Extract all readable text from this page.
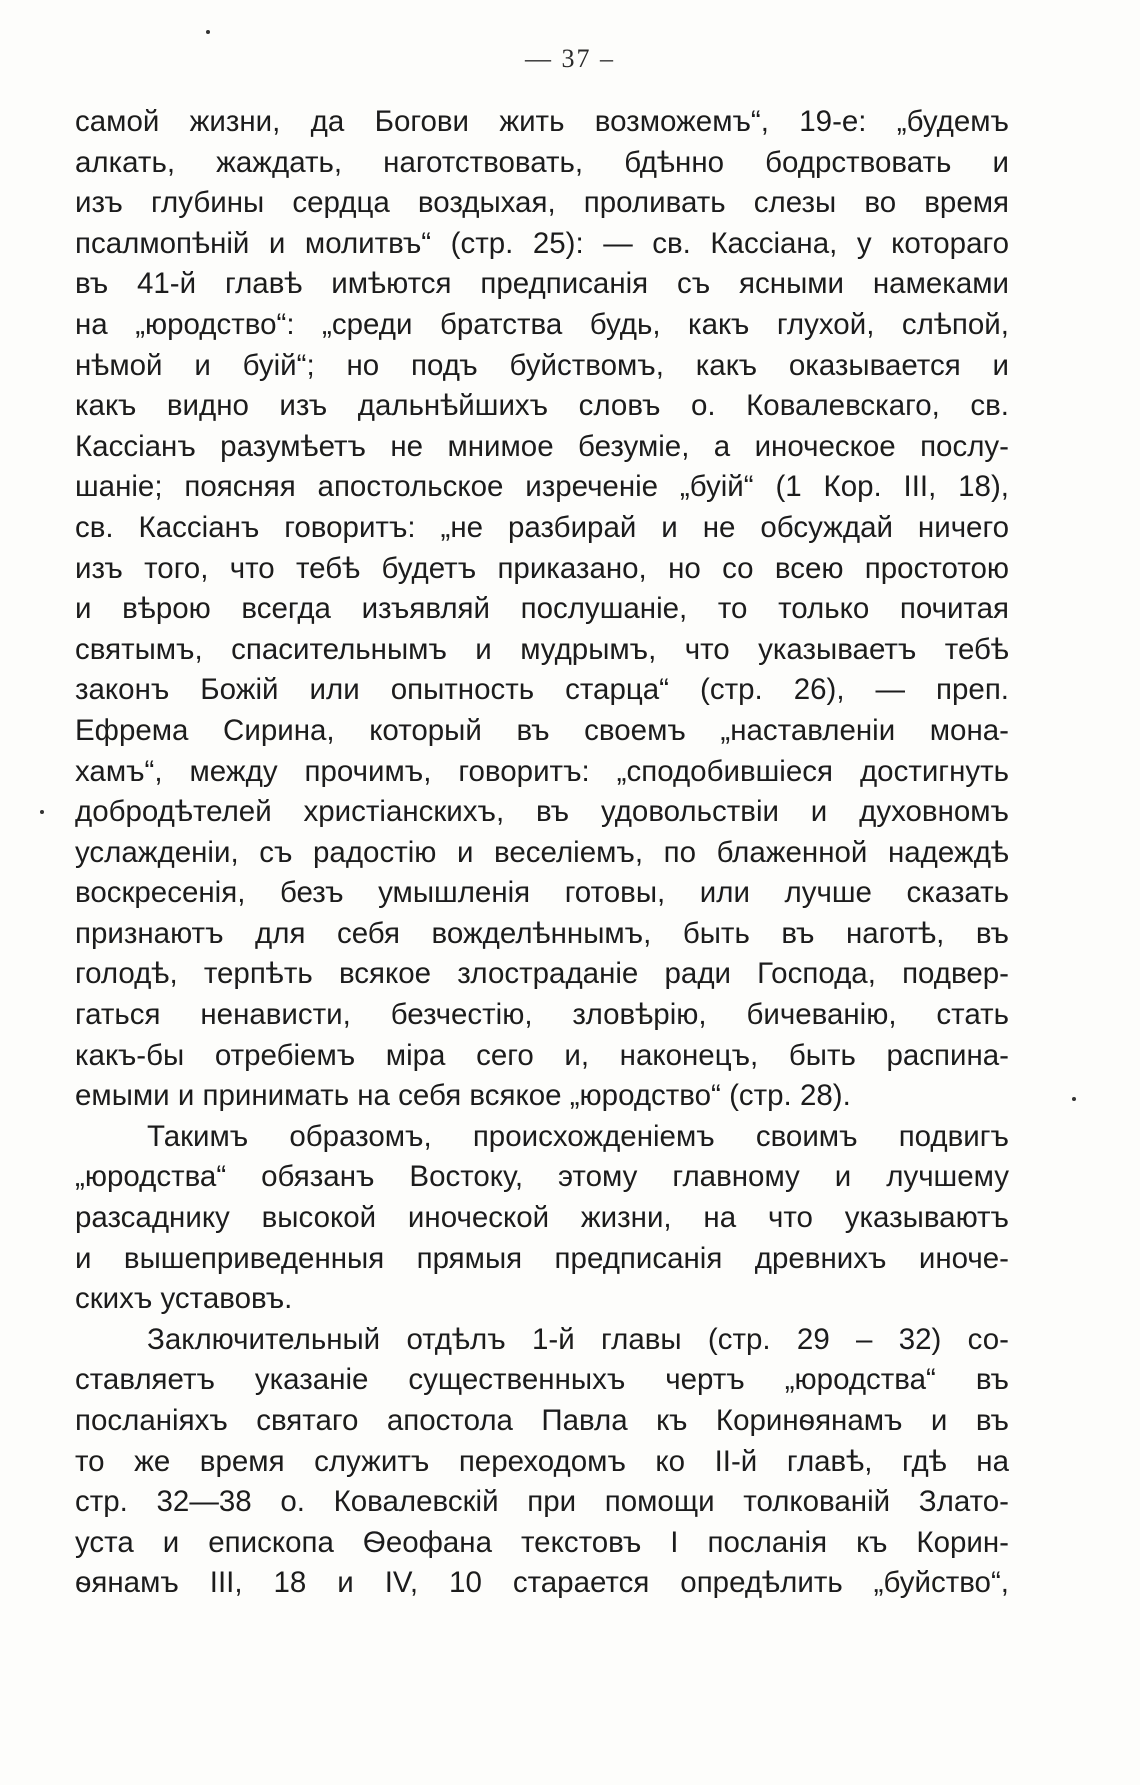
— 37 –
самой жизни, да Богови жить возможемъ“, 19-е: „будемъ
алкать, жаждать, наготствовать, бдѣнно бодрствовать и
изъ глубины сердца воздыхая, проливать слезы во время
псалмопѣній и молитвъ“ (стр. 25): — св. Кассіана, у котораго
въ 41-й главѣ имѣются предписанія съ ясными намеками
на „юродство“: „среди братства будь, какъ глухой, слѣпой,
нѣмой и буій“; но подъ буйствомъ, какъ оказывается и
какъ видно изъ дальнѣйшихъ словъ о. Ковалевскаго, св.
Кассіанъ разумѣетъ не мнимое безуміе, а иноческое послу-
шаніе; поясняя апостольское изреченіе „буій“ (1 Кор. III, 18),
св. Кассіанъ говоритъ: „не разбирай и не обсуждай ничего
изъ того, что тебѣ будетъ приказано, но со всею простотою
и вѣрою всегда изъявляй послушаніе, то только почитая
святымъ, спасительнымъ и мудрымъ, что указываетъ тебѣ
законъ Божій или опытность старца“ (стр. 26), — преп.
Ефрема Сирина, который въ своемъ „наставленіи мона-
хамъ“, между прочимъ, говоритъ: „сподобившіеся достигнуть
добродѣтелей христіанскихъ, въ удовольствіи и духовномъ
услажденіи, съ радостію и веселіемъ, по блаженной надеждѣ
воскресенія, безъ умышленія готовы, или лучше сказать
признаютъ для себя вожделѣннымъ, быть въ наготѣ, въ
голодѣ, терпѣть всякое злостраданіе ради Господа, подвер-
гаться ненависти, безчестію, зловѣрію, бичеванію, стать
какъ-бы отребіемъ міра сего и, наконецъ, быть распина-
емыми и принимать на себя всякое „юродство“ (стр. 28).
Такимъ образомъ, происхожденіемъ своимъ подвигъ
„юродства“ обязанъ Востоку, этому главному и лучшему
разсаднику высокой иноческой жизни, на что указываютъ
и вышеприведенныя прямыя предписанія древнихъ иноче-
скихъ уставовъ.
Заключительный отдѣлъ 1-й главы (стр. 29 – 32) со-
ставляетъ указаніе существенныхъ чертъ „юродства“ въ
посланіяхъ святаго апостола Павла къ Коринѳянамъ и въ
то же время служитъ переходомъ ко II-й главѣ, гдѣ на
стр. 32—38 о. Ковалевскій при помощи толкованій Злато-
уста и епископа Ѳеофана текстовъ I посланія къ Корин-
ѳянамъ III, 18 и IV, 10 старается опредѣлить „буйство“,
